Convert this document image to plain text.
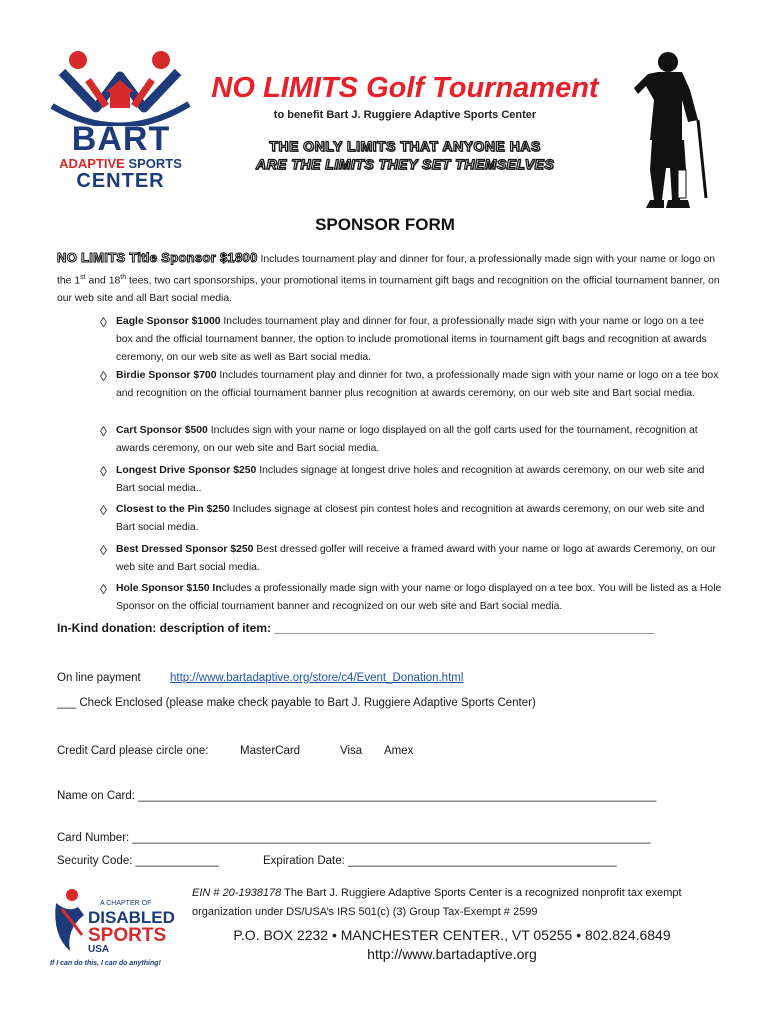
BART
ADAPTIVE SPORTS
CENTER
NO LIMITS Golf Tournament
to benefit Bart J. Ruggiere Adaptive Sports Center
THE ONLY LIMITS THAT ANYONE HAS
ARE THE LIMITS THEY SET THEMSELVES
SPONSOR FORM
NO LIMITS Title Sponsor $1800 Includes tournament play and dinner for four, a professionally made sign with your name or logo on the 1st and 18th tees, two cart sponsorships, your promotional items in tournament gift bags and recognition on the official tournament banner, on our web site and all Bart social media.
◊ Eagle Sponsor $1000 Includes tournament play and dinner for four, a professionally made sign with your name or logo on a tee box and the official tournament banner, the option to include promotional items in tournament gift bags and recognition at awards ceremony, on our web site as well as Bart social media.
◊ Birdie Sponsor $700 Includes tournament play and dinner for two, a professionally made sign with your name or logo on a tee box and recognition on the official tournament banner plus recognition at awards ceremony, on our web site and Bart social media.
◊ Cart Sponsor $500 Includes sign with your name or logo displayed on all the golf carts used for the tournament, recognition at awards ceremony, on our web site and Bart social media.
◊ Longest Drive Sponsor $250 Includes signage at longest drive holes and recognition at awards ceremony, on our web site and Bart social media..
◊ Closest to the Pin $250 Includes signage at closest pin contest holes and recognition at awards ceremony, on our web site and Bart social media.
◊ Best Dressed Sponsor $250 Best dressed golfer will receive a framed award with your name or logo at awards Ceremony, on our web site and Bart social media.
◊ Hole Sponsor $150 Includes a professionally made sign with your name or logo displayed on a tee box. You will be listed as a Hole Sponsor on the official tournament banner and recognized on our web site and Bart social media.
In-Kind donation: description of item: _________________________________________________________
On line payment	http://www.bartadaptive.org/store/c4/Event_Donation.html
___ Check Enclosed (please make check payable to Bart J. Ruggiere Adaptive Sports Center)
Credit Card please circle one:	MasterCard	Visa Amex
Name on Card: _________________________________________________________________________________
Card Number: _________________________________________________________________________________
Security Code: _____________	Expiration Date: __________________________________________
A CHAPTER OF
DISABLED
SPORTS
USA
If I can do this, I can do anything!
EIN # 20-1938178 The Bart J. Ruggiere Adaptive Sports Center is a recognized nonprofit tax exempt organization under DS/USA’s IRS 501(c) (3) Group Tax-Exempt # 2599
P.O. BOX 2232 • MANCHESTER CENTER., VT 05255 • 802.824.6849
http://www.bartadaptive.org
